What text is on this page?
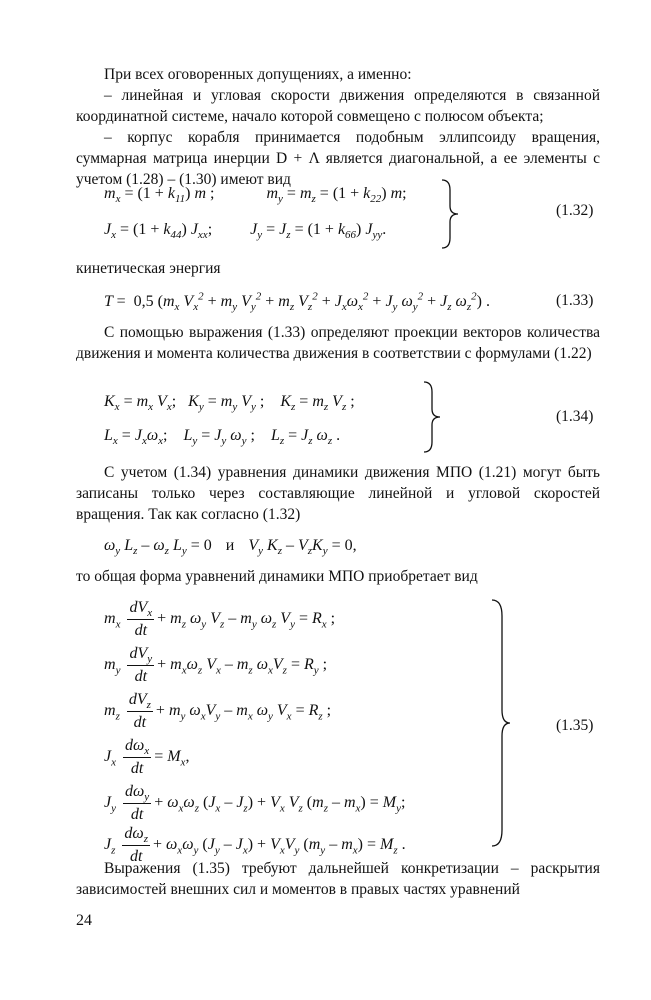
При всех оговоренных допущениях, а именно:

– линейная и угловая скорости движения определяются в связанной координатной системе, начало которой совмещено с полюсом объекта;

– корпус корабля принимается подобным эллипсоиду вращения, суммарная матрица инерции D + Λ является диагональной, а ее элементы с учетом (1.28) – (1.30) имеют вид

$m_x = (1 + k_{11})$ m ;	$m_y = m_z = (1 + k_{22})$ m;
$J_x = (1 + k_{44})$ $J_{xx}$;  $J_y = J_z = (1 + k_{66})$ $J_{yy}$.
(1.32)

кинетическая энергия

T =  0,5 ($m_x$ $V_x^2 + m_y$ $V_y^2 + m_z$ $V_z^2 + J_x\omega_x^2 + J_y$ $\omega_y^2 + J_z$ $\omega_z^2$) .	(1.33)

С помощью выражения (1.33) определяют проекции векторов количества движения и момента количества движения в соответствии с формулами (1.22)

$K_x = m_x$ $V_x$;   $K_y = m_y$ $V_y$ ;    $K_z = m_z$ $V_z$ ;
$L_x = J_x\omega_x$;    $L_y = J_y$ $\omega_y$ ;    $L_z = J_z$ $\omega_z$ .
(1.34)

С учетом (1.34) уравнения динамики движения МПО (1.21) могут быть записаны только через составляющие линейной и угловой скоростей вращения. Так как согласно (1.32)

$\omega_y$ $L_z - \omega_z$ $L_y = 0$ и $V_y$ $K_z - V_zK_y = 0$,

то общая форма уравнений динамики МПО приобретает вид

$m_x \frac{dV_x}{dt} + m_z$ $\omega_y$ $V_z - m_y$ $\omega_z$ $V_y = R_x$ ;
$m_y \frac{dV_y}{dt} + m_x\omega_z$ $V_x - m_z$ $\omega_xV_z = R_y$ ;
$m_z \frac{dV_z}{dt} + m_y$ $\omega_xV_y - m_x$ $\omega_y$ $V_x = R_z$ ;
$J_x \frac{d\omega_x}{dt} = M_x$,
$J_y \frac{d\omega_y}{dt} + \omega_x\omega_z$ $(J_x - J_z) + V_x$ $V_z$ $(m_z - m_x) = M_y$;
$J_z \frac{d\omega_z}{dt} + \omega_x\omega_y$ $(J_y - J_x) + V_xV_y$ $(m_y - m_x) = M_z$ .
(1.35)

Выражения (1.35) требуют дальнейшей конкретизации – раскрытия зависимостей внешних сил и моментов в правых частях уравнений

24
